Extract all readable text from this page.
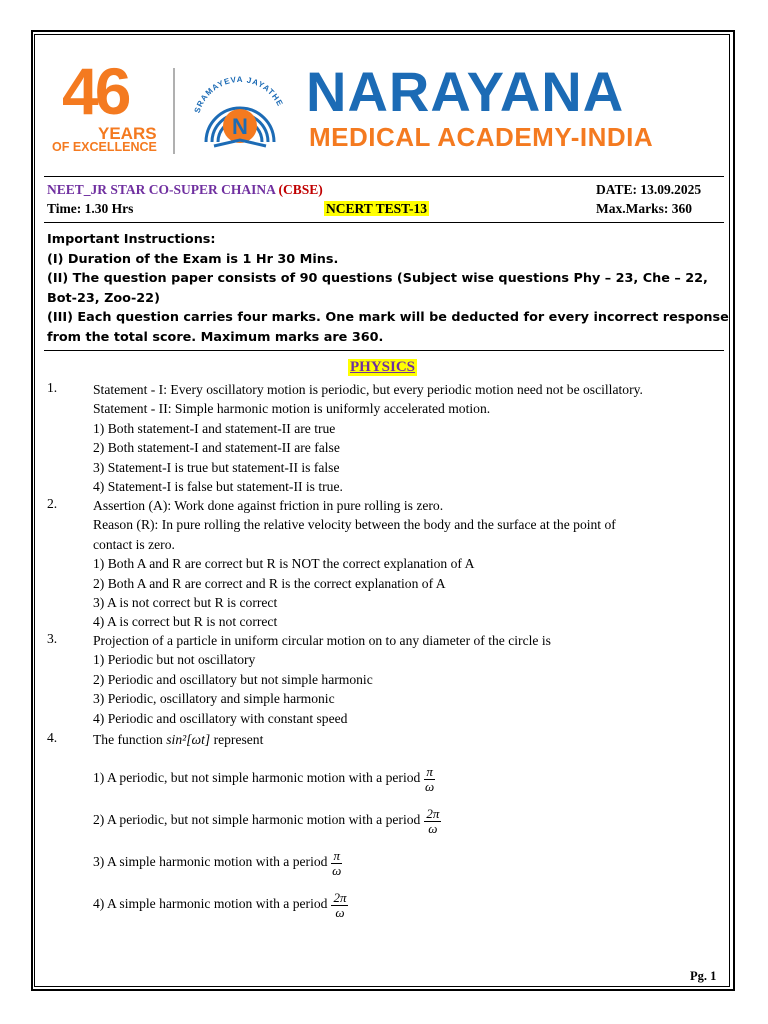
46
YEARS
OF EXCELLENCE
SRAMAYEVA JAYATHE
N
NARAYANA
MEDICAL ACADEMY-INDIA
NEET_JR STAR CO-SUPER CHAINA (CBSE)	DATE: 13.09.2025
Time: 1.30 Hrs	NCERT TEST-13	Max.Marks: 360
Important Instructions:
(I) Duration of the Exam is 1 Hr 30 Mins.
(II) The question paper consists of 90 questions (Subject wise questions Phy – 23, Che – 22,
Bot-23, Zoo-22)
(III) Each question carries four marks. One mark will be deducted for every incorrect response
from the total score. Maximum marks are 360.
PHYSICS
1.	Statement - I: Every oscillatory motion is periodic, but every periodic motion need not be oscillatory.
Statement - II: Simple harmonic motion is uniformly accelerated motion.
1) Both statement-I and statement-II are true
2) Both statement-I and statement-II are false
3) Statement-I is true but statement-II is false
4) Statement-I is false but statement-II is true.
2.	Assertion (A): Work done against friction in pure rolling is zero.
Reason (R): In pure rolling the relative velocity between the body and the surface at the point of
contact is zero.
1) Both A and R are correct but R is NOT the correct explanation of A
2) Both A and R are correct and R is the correct explanation of A
3) A is not correct but R is correct
4) A is correct but R is not correct
3.	Projection of a particle in uniform circular motion on to any diameter of the circle is
1) Periodic but not oscillatory
2) Periodic and oscillatory but not simple harmonic
3) Periodic, oscillatory and simple harmonic
4) Periodic and oscillatory with constant speed
4.	The function sin²[ωt] represent
1) A periodic, but not simple harmonic motion with a period $\frac{\pi}{\omega}$
2) A periodic, but not simple harmonic motion with a period $\frac{2\pi}{\omega}$
3) A simple harmonic motion with a period $\frac{\pi}{\omega}$
4) A simple harmonic motion with a period $\frac{2\pi}{\omega}$
Pg. 1
